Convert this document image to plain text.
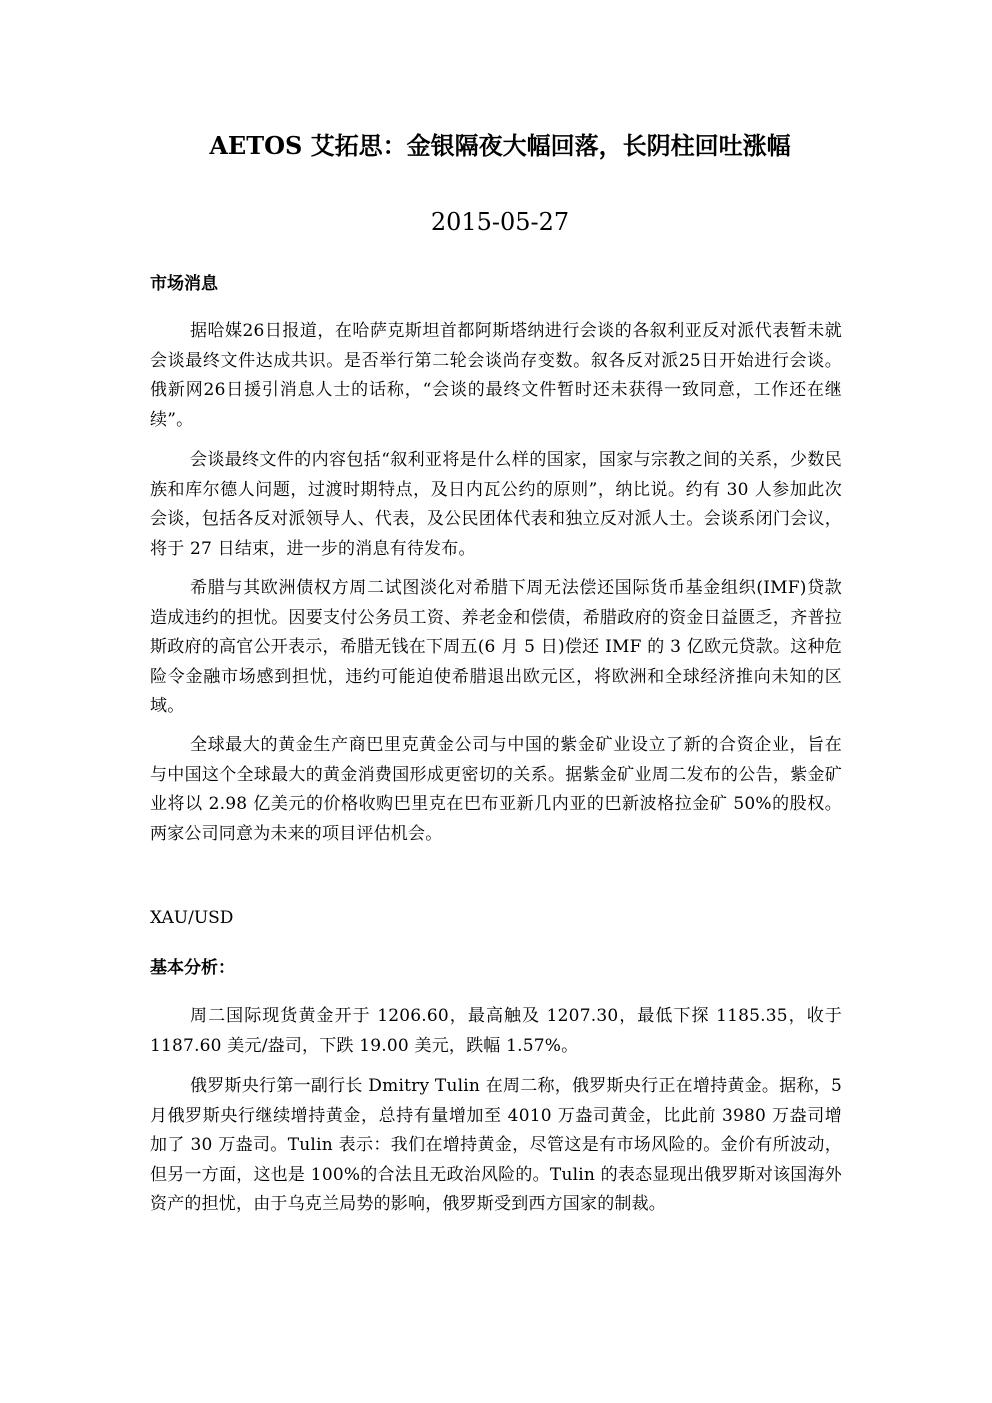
AETOS 艾拓思：金银隔夜大幅回落，长阴柱回吐涨幅
2015-05-27
市场消息

据哈媒26日报道，在哈萨克斯坦首都阿斯塔纳进行会谈的各叙利亚反对派代表暂未就会谈最终文件达成共识。是否举行第二轮会谈尚存变数。叙各反对派25日开始进行会谈。俄新网26日援引消息人士的话称，“会谈的最终文件暂时还未获得一致同意，工作还在继续”。

会谈最终文件的内容包括“叙利亚将是什么样的国家，国家与宗教之间的关系，少数民族和库尔德人问题，过渡时期特点，及日内瓦公约的原则”，纳比说。约有 30 人参加此次会谈，包括各反对派领导人、代表，及公民团体代表和独立反对派人士。会谈系闭门会议，将于 27 日结束，进一步的消息有待发布。

希腊与其欧洲债权方周二试图淡化对希腊下周无法偿还国际货币基金组织(IMF)贷款造成违约的担忧。因要支付公务员工资、养老金和偿债，希腊政府的资金日益匮乏，齐普拉斯政府的高官公开表示，希腊无钱在下周五(6 月 5 日)偿还 IMF 的 3 亿欧元贷款。这种危险令金融市场感到担忧，违约可能迫使希腊退出欧元区，将欧洲和全球经济推向未知的区域。

全球最大的黄金生产商巴里克黄金公司与中国的紫金矿业设立了新的合资企业，旨在与中国这个全球最大的黄金消费国形成更密切的关系。据紫金矿业周二发布的公告，紫金矿业将以 2.98 亿美元的价格收购巴里克在巴布亚新几内亚的巴新波格拉金矿 50%的股权。两家公司同意为未来的项目评估机会。

XAU/USD
基本分析：

周二国际现货黄金开于 1206.60，最高触及 1207.30，最低下探 1185.35，收于 1187.60 美元/盎司，下跌 19.00 美元，跌幅 1.57%。

俄罗斯央行第一副行长 Dmitry Tulin 在周二称，俄罗斯央行正在增持黄金。据称，5 月俄罗斯央行继续增持黄金，总持有量增加至 4010 万盎司黄金，比此前 3980 万盎司增加了 30 万盎司。Tulin 表示：我们在增持黄金，尽管这是有市场风险的。金价有所波动，但另一方面，这也是 100%的合法且无政治风险的。Tulin 的表态显现出俄罗斯对该国海外资产的担忧，由于乌克兰局势的影响，俄罗斯受到西方国家的制裁。
